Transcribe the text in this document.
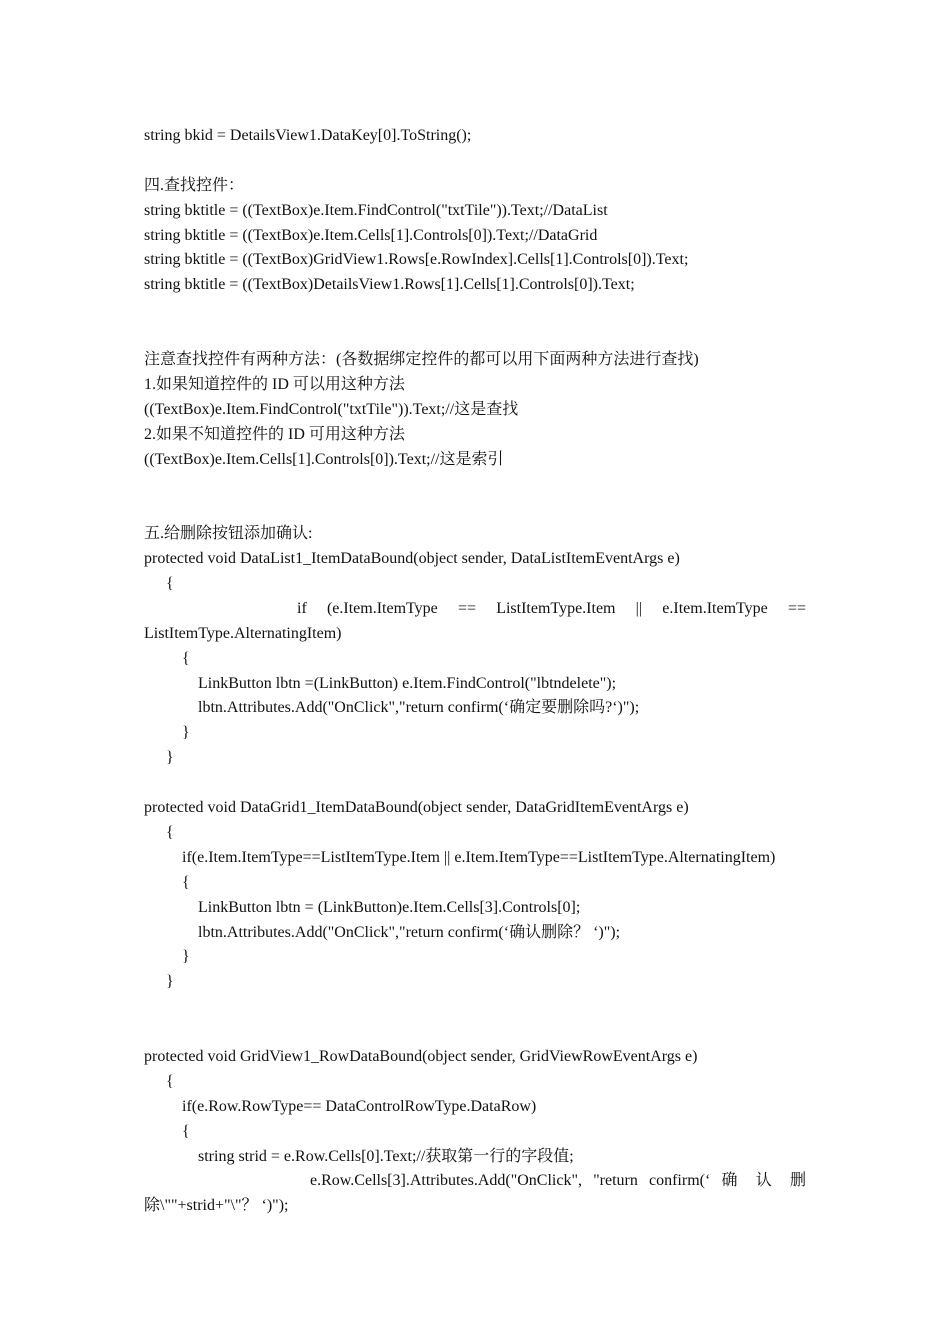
string bkid = DetailsView1.DataKey[0].ToString();
四.查找控件：
string bktitle = ((TextBox)e.Item.FindControl("txtTile")).Text;//DataList
string bktitle = ((TextBox)e.Item.Cells[1].Controls[0]).Text;//DataGrid
string bktitle = ((TextBox)GridView1.Rows[e.RowIndex].Cells[1].Controls[0]).Text;
string bktitle = ((TextBox)DetailsView1.Rows[1].Cells[1].Controls[0]).Text;
注意查找控件有两种方法：(各数据绑定控件的都可以用下面两种方法进行查找)
1.如果知道控件的 ID 可以用这种方法
((TextBox)e.Item.FindControl("txtTile")).Text;//这是查找
2.如果不知道控件的 ID 可用这种方法
((TextBox)e.Item.Cells[1].Controls[0]).Text;//这是索引
五.给删除按钮添加确认:
protected void DataList1_ItemDataBound(object sender, DataListItemEventArgs e)
{
if (e.Item.ItemType == ListItemType.Item || e.Item.ItemType ==
ListItemType.AlternatingItem)
{
LinkButton lbtn =(LinkButton) e.Item.FindControl("lbtndelete");
lbtn.Attributes.Add("OnClick","return confirm(‘确定要删除吗?‘)");
}
}
protected void DataGrid1_ItemDataBound(object sender, DataGridItemEventArgs e)
{
if(e.Item.ItemType==ListItemType.Item || e.Item.ItemType==ListItemType.AlternatingItem)
{
LinkButton lbtn = (LinkButton)e.Item.Cells[3].Controls[0];
lbtn.Attributes.Add("OnClick","return confirm(‘确认删除？ ‘)");
}
}
protected void GridView1_RowDataBound(object sender, GridViewRowEventArgs e)
{
if(e.Row.RowType== DataControlRowType.DataRow)
{
string strid = e.Row.Cells[0].Text;//获取第一行的字段值;
e.Row.Cells[3].Attributes.Add("OnClick", "return confirm(‘ 确 认 删
除\""+strid+"\"？ ‘)");
